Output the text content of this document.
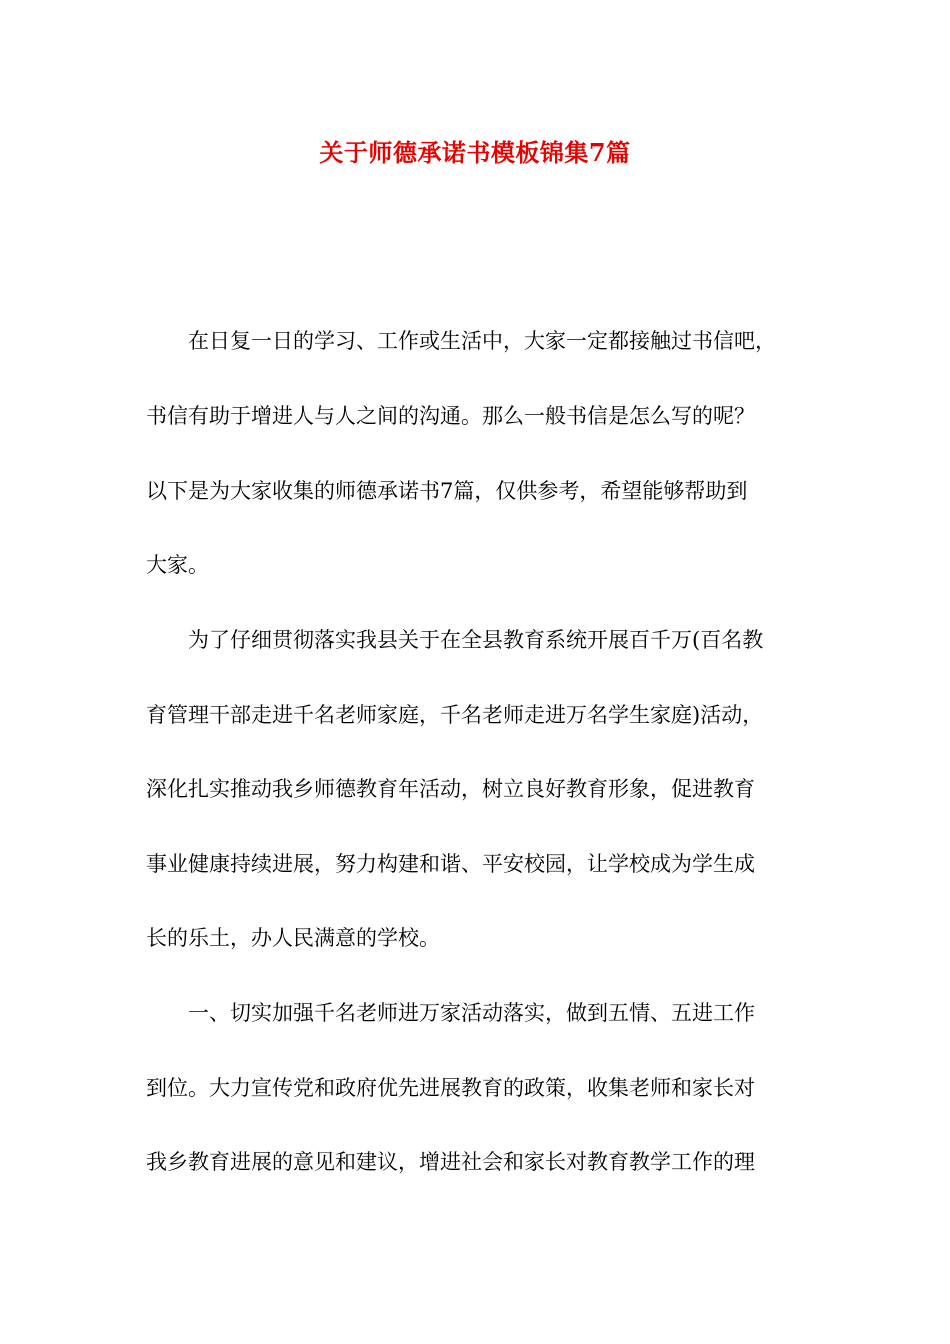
关于师德承诺书模板锦集7篇
在日复一日的学习、工作或生活中，大家一定都接触过书信吧，
书信有助于增进人与人之间的沟通。那么一般书信是怎么写的呢？
以下是为大家收集的师德承诺书7篇，仅供参考，希望能够帮助到
大家。
为了仔细贯彻落实我县关于在全县教育系统开展百千万(百名教
育管理干部走进千名老师家庭，千名老师走进万名学生家庭)活动，
深化扎实推动我乡师德教育年活动，树立良好教育形象，促进教育
事业健康持续进展，努力构建和谐、平安校园，让学校成为学生成
长的乐土，办人民满意的学校。
一、切实加强千名老师进万家活动落实，做到五情、五进工作
到位。大力宣传党和政府优先进展教育的政策，收集老师和家长对
我乡教育进展的意见和建议，增进社会和家长对教育教学工作的理
